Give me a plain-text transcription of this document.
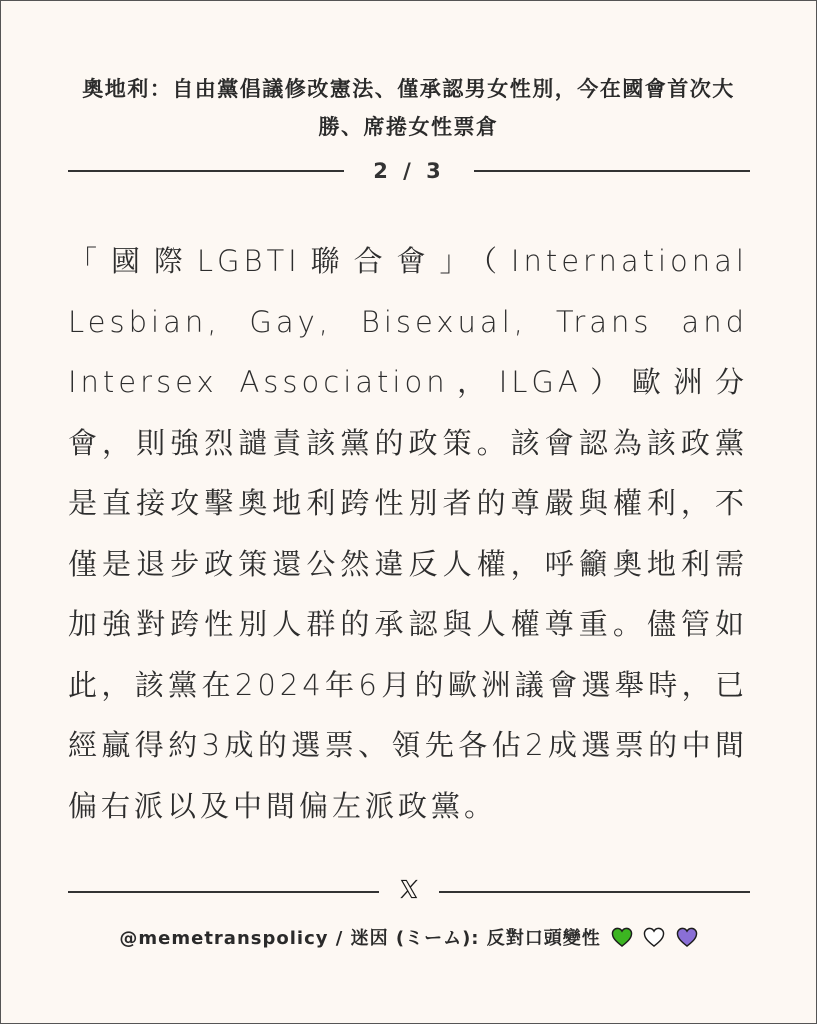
奧地利：自由黨倡議修改憲法、僅承認男女性別，今在國會首次大勝、席捲女性票倉
2 / 3

「國際LGBTI聯合會」（International Lesbian, Gay, Bisexual, Trans and Intersex Association，ILGA）歐洲分會，則強烈譴責該黨的政策。該會認為該政黨是直接攻擊奧地利跨性別者的尊嚴與權利，不僅是退步政策還公然違反人權，呼籲奧地利需加強對跨性別人群的承認與人權尊重。儘管如此，該黨在2024年6月的歐洲議會選舉時，已經贏得約3成的選票、領先各佔2成選票的中間偏右派以及中間偏左派政黨。

@memetranspolicy / 迷因 (ミーム): 反對口頭變性
